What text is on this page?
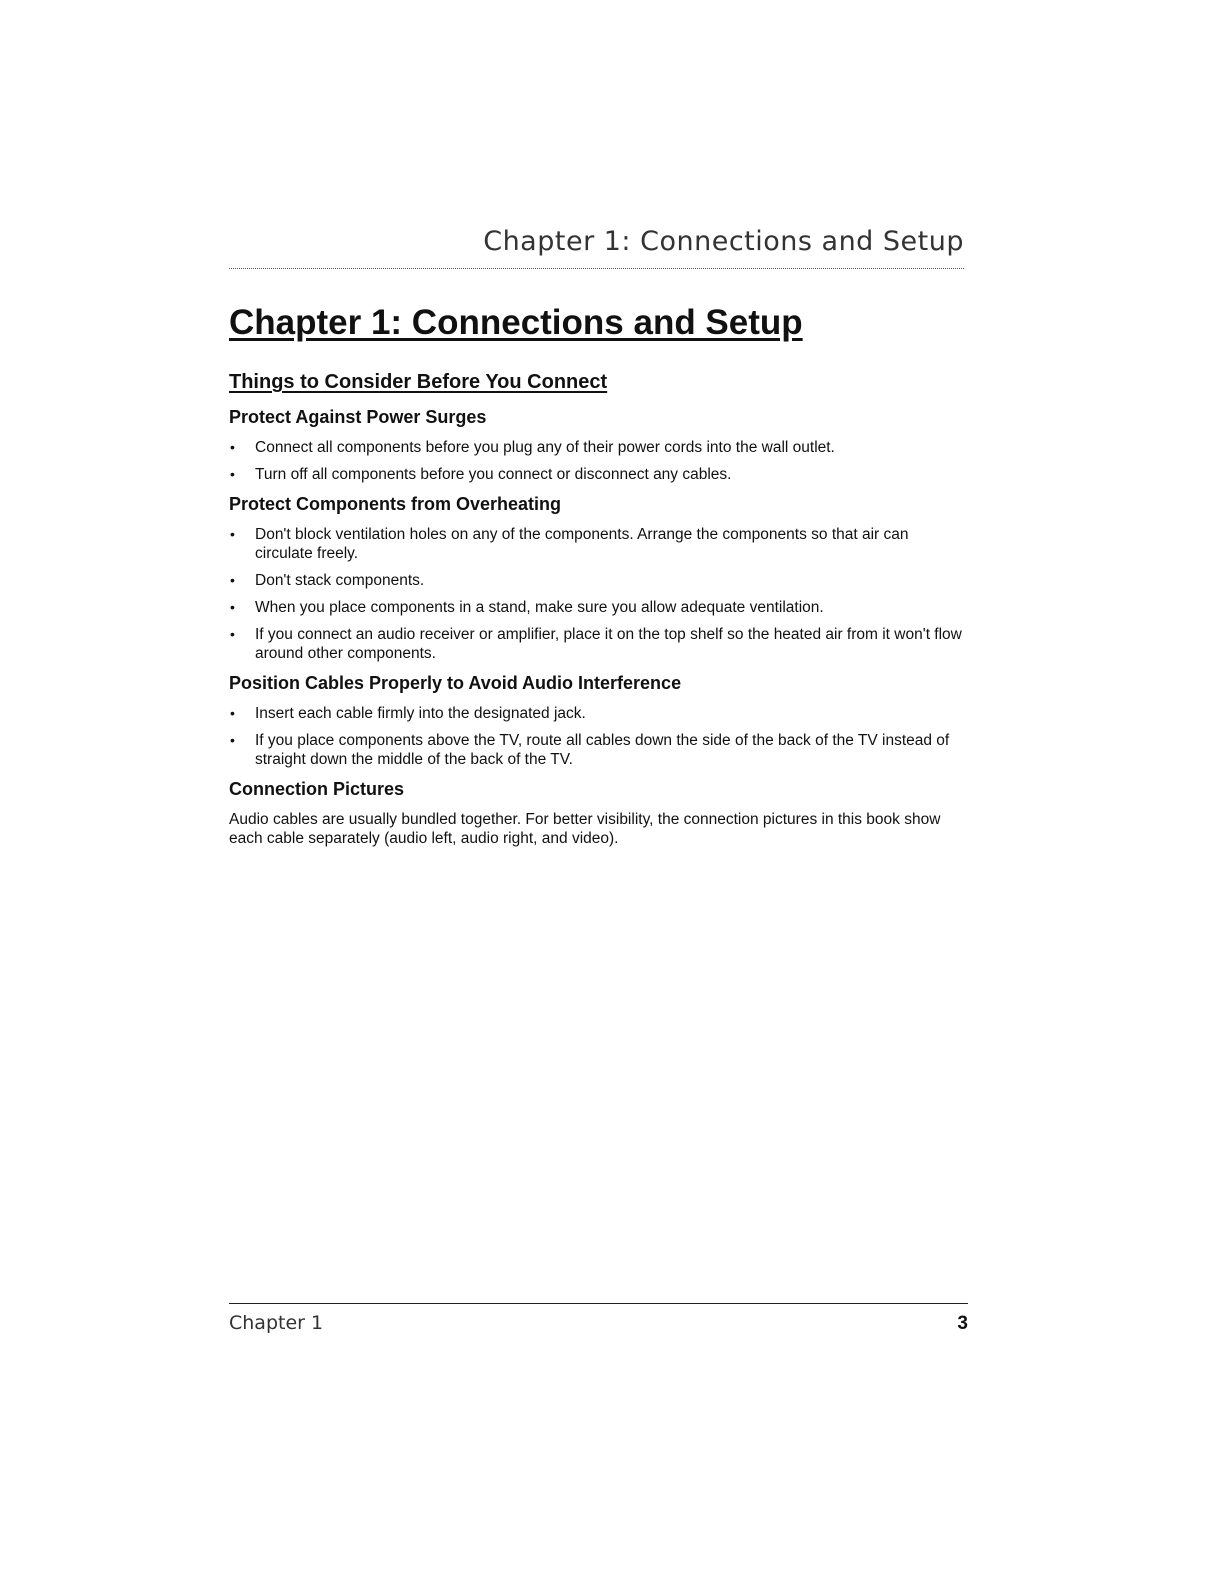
Chapter 1: Connections and Setup
Chapter 1: Connections and Setup
Things to Consider Before You Connect
Protect Against Power Surges
• Connect all components before you plug any of their power cords into the wall outlet.
• Turn off all components before you connect or disconnect any cables.
Protect Components from Overheating
• Don't block ventilation holes on any of the components. Arrange the components so that air can circulate freely.
• Don't stack components.
• When you place components in a stand, make sure you allow adequate ventilation.
• If you connect an audio receiver or amplifier, place it on the top shelf so the heated air from it won't flow around other components.
Position Cables Properly to Avoid Audio Interference
• Insert each cable firmly into the designated jack.
• If you place components above the TV, route all cables down the side of the back of the TV instead of straight down the middle of the back of the TV.
Connection Pictures

Audio cables are usually bundled together. For better visibility, the connection pictures in this book show each cable separately (audio left, audio right, and video).

Chapter 1	3
